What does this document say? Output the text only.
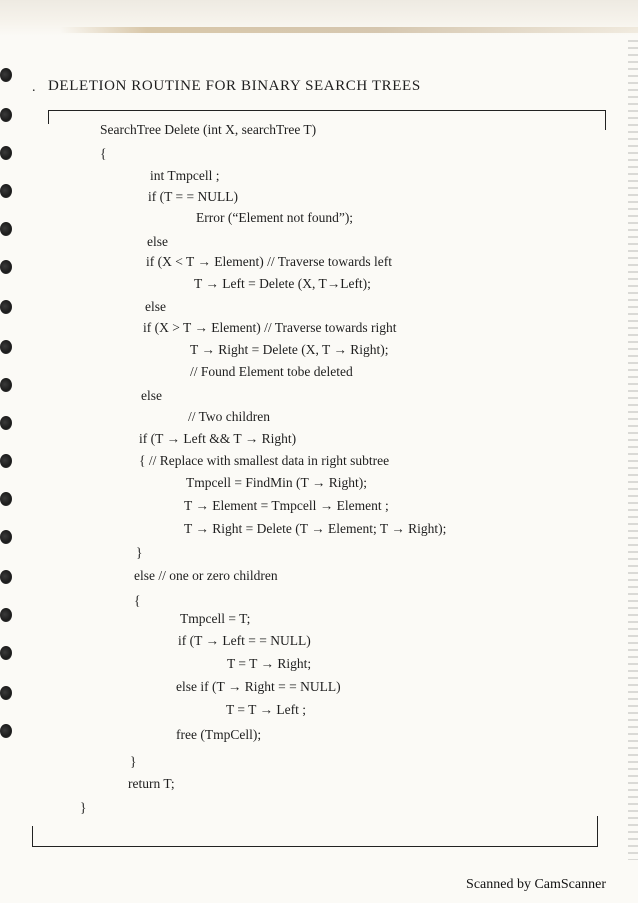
. DELETION ROUTINE FOR BINARY SEARCH TREES
SearchTree Delete (int X, searchTree T)
{
int Tmpcell ;
if (T = = NULL)
Error (“Element not found”);
else
if (X < T → Element) // Traverse towards left
T → Left = Delete (X, T→Left);
else
if (X > T → Element) // Traverse towards right
T → Right = Delete (X, T → Right);
// Found Element tobe deleted
else
// Two children
if (T → Left && T → Right)
{ // Replace with smallest data in right subtree
Tmpcell = FindMin (T → Right);
T → Element = Tmpcell → Element ;
T → Right = Delete (T → Element; T → Right);
}
else // one or zero children
{
Tmpcell = T;
if (T → Left = = NULL)
T = T → Right;
else if (T → Right = = NULL)
T = T → Left ;
free (TmpCell);
}
return T;
}
Scanned by CamScanner
